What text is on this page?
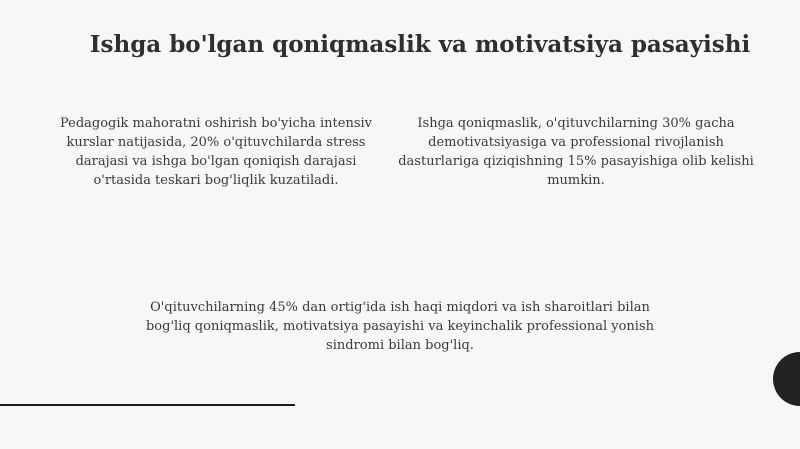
Ishga bo'lgan qoniqmaslik va motivatsiya pasayishi

Pedagogik mahoratni oshirish bo'yicha intensiv kurslar natijasida, 20% o'qituvchilarda stress darajasi va ishga bo'lgan qoniqish darajasi o'rtasida teskari bog'liqlik kuzatiladi.

Ishga qoniqmaslik, o'qituvchilarning 30% gacha demotivatsiyasiga va professional rivojlanish dasturlariga qiziqishning 15% pasayishiga olib kelishi mumkin.

O'qituvchilarning 45% dan ortig'ida ish haqi miqdori va ish sharoitlari bilan bog'liq qoniqmaslik, motivatsiya pasayishi va keyinchalik professional yonish sindromi bilan bog'liq.
